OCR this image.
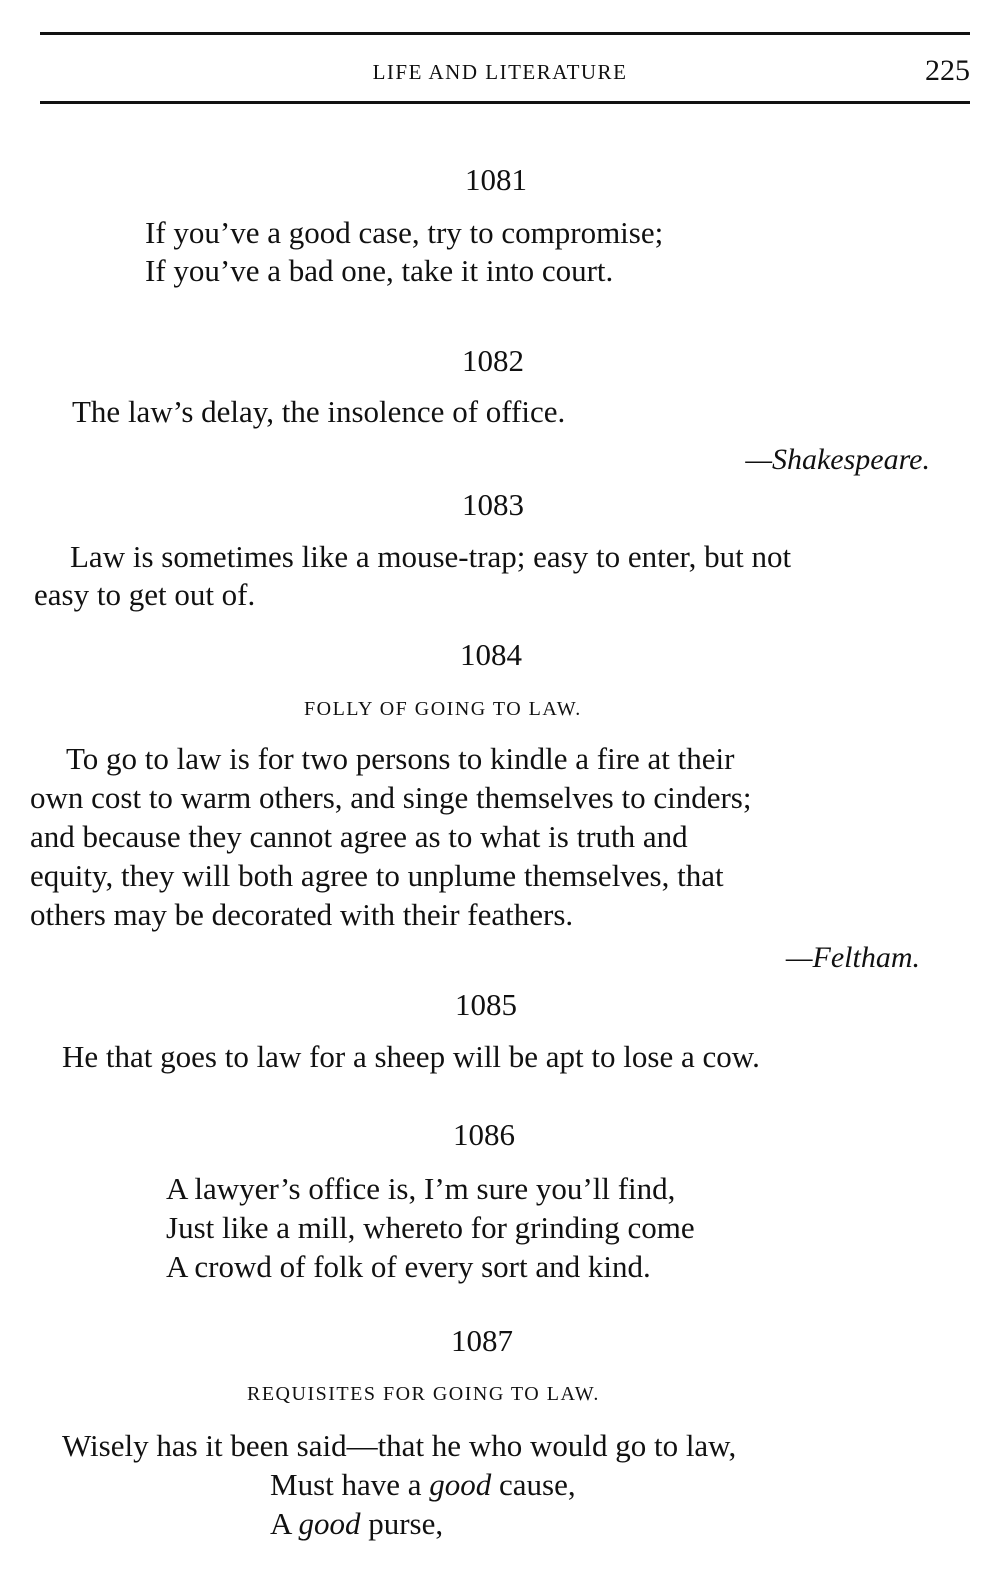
LIFE AND LITERATURE	225
1081
If you’ve a good case, try to compromise;
If you’ve a bad one, take it into court.
1082
The law’s delay, the insolence of office.
—Shakespeare.
1083
Law is sometimes like a mouse-trap; easy to enter, but not
easy to get out of.
1084
FOLLY OF GOING TO LAW.
To go to law is for two persons to kindle a fire at their
own cost to warm others, and singe themselves to cinders;
and because they cannot agree as to what is truth and
equity, they will both agree to unplume themselves, that
others may be decorated with their feathers.
—Feltham.
1085
He that goes to law for a sheep will be apt to lose a cow.
1086
A lawyer’s office is, I’m sure you’ll find,
Just like a mill, whereto for grinding come
A crowd of folk of every sort and kind.
1087
REQUISITES FOR GOING TO LAW.
Wisely has it been said—that he who would go to law,
Must have a good cause,
A good purse,
